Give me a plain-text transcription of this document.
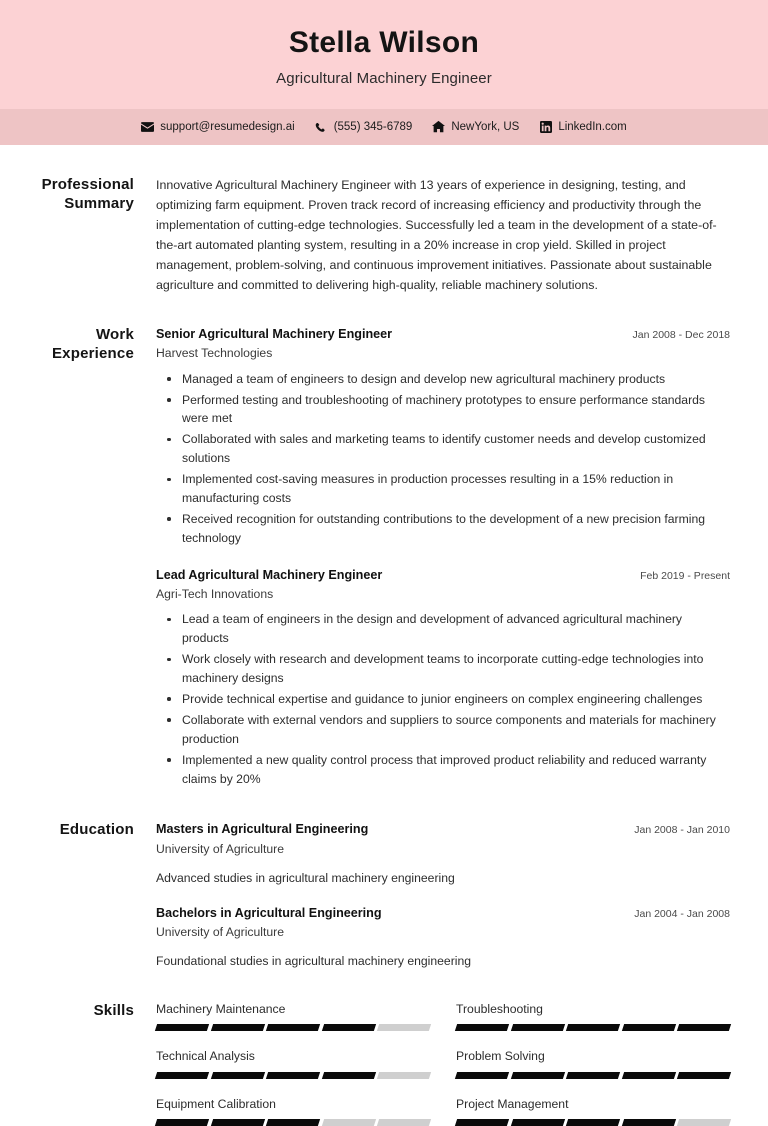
Stella Wilson
Agricultural Machinery Engineer
support@resumedesign.ai	(555) 345-6789	NewYork, US	LinkedIn.com
Professional Summary
Innovative Agricultural Machinery Engineer with 13 years of experience in designing, testing, and optimizing farm equipment. Proven track record of increasing efficiency and productivity through the implementation of cutting-edge technologies. Successfully led a team in the development of a state-of-the-art automated planting system, resulting in a 20% increase in crop yield. Skilled in project management, problem-solving, and continuous improvement initiatives. Passionate about sustainable agriculture and committed to delivering high-quality, reliable machinery solutions.
Work Experience
Senior Agricultural Machinery Engineer	Jan 2008 - Dec 2018
Harvest Technologies
Managed a team of engineers to design and develop new agricultural machinery products
Performed testing and troubleshooting of machinery prototypes to ensure performance standards were met
Collaborated with sales and marketing teams to identify customer needs and develop customized solutions
Implemented cost-saving measures in production processes resulting in a 15% reduction in manufacturing costs
Received recognition for outstanding contributions to the development of a new precision farming technology
Lead Agricultural Machinery Engineer	Feb 2019 - Present
Agri-Tech Innovations
Lead a team of engineers in the design and development of advanced agricultural machinery products
Work closely with research and development teams to incorporate cutting-edge technologies into machinery designs
Provide technical expertise and guidance to junior engineers on complex engineering challenges
Collaborate with external vendors and suppliers to source components and materials for machinery production
Implemented a new quality control process that improved product reliability and reduced warranty claims by 20%
Education	Masters in Agricultural Engineering	Jan 2008 - Jan 2010
University of Agriculture
Advanced studies in agricultural machinery engineering
Bachelors in Agricultural Engineering	Jan 2004 - Jan 2008
University of Agriculture
Foundational studies in agricultural machinery engineering
Skills	Machinery Maintenance	Troubleshooting
Technical Analysis	Problem Solving
Equipment Calibration	Project Management
